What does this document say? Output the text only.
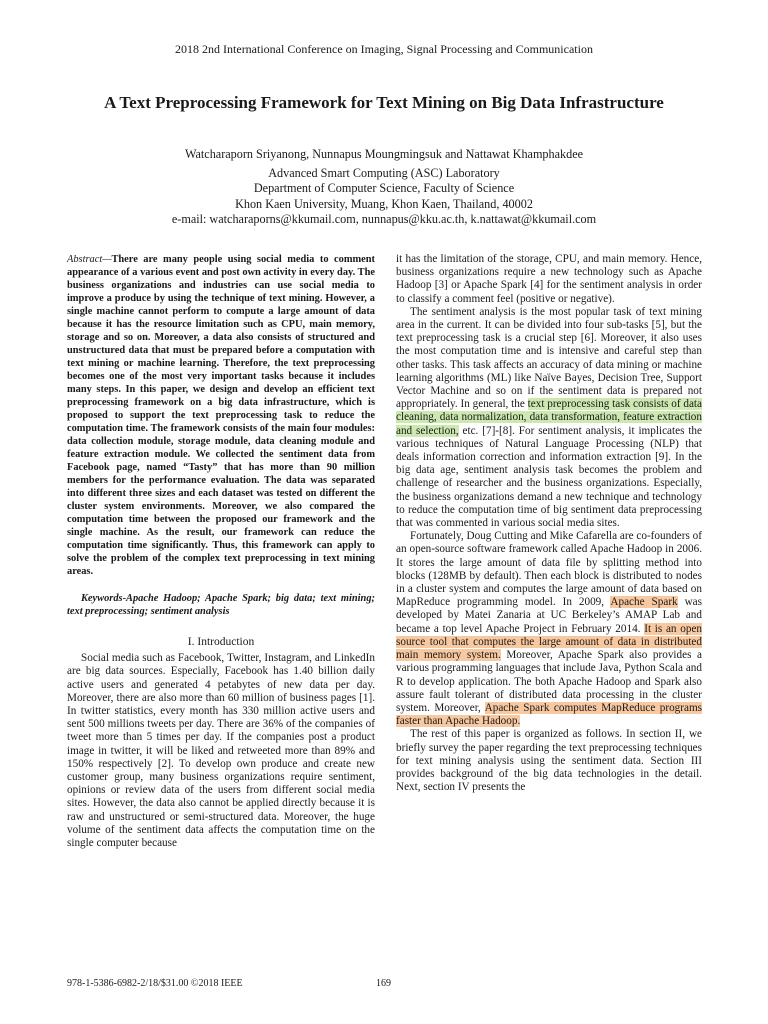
2018 2nd International Conference on Imaging, Signal Processing and Communication
A Text Preprocessing Framework for Text Mining on Big Data Infrastructure
Watcharaporn Sriyanong, Nunnapus Moungmingsuk and Nattawat Khamphakdee
Advanced Smart Computing (ASC) Laboratory
Department of Computer Science, Faculty of Science
Khon Kaen University, Muang, Khon Kaen, Thailand, 40002
e-mail: watcharaporns@kkumail.com, nunnapus@kku.ac.th, k.nattawat@kkumail.com

Abstract—There are many people using social media to comment appearance of a various event and post own activity in every day. The business organizations and industries can use social media to improve a produce by using the technique of text mining. However, a single machine cannot perform to compute a large amount of data because it has the resource limitation such as CPU, main memory, storage and so on. Moreover, a data also consists of structured and unstructured data that must be prepared before a computation with text mining or machine learning. Therefore, the text preprocessing becomes one of the most very important tasks because it includes many steps. In this paper, we design and develop an efficient text preprocessing framework on a big data infrastructure, which is proposed to support the text preprocessing task to reduce the computation time. The framework consists of the main four modules: data collection module, storage module, data cleaning module and feature extraction module. We collected the sentiment data from Facebook page, named “Tasty” that has more than 90 million members for the performance evaluation. The data was separated into different three sizes and each dataset was tested on different the cluster system environments. Moreover, we also compared the computation time between the proposed our framework and the single machine. As the result, our framework can reduce the computation time significantly. Thus, this framework can apply to solve the problem of the complex text preprocessing in text mining areas.

Keywords-Apache Hadoop; Apache Spark; big data; text mining; text preprocessing; sentiment analysis

I. Introduction

Social media such as Facebook, Twitter, Instagram, and LinkedIn are big data sources. Especially, Facebook has 1.40 billion daily active users and generated 4 petabytes of new data per day. Moreover, there are also more than 60 million of business pages [1]. In twitter statistics, every month has 330 million active users and sent 500 millions tweets per day. There are 36% of the companies of tweet more than 5 times per day. If the companies post a product image in twitter, it will be liked and retweeted more than 89% and 150% respectively [2]. To develop own produce and create new customer group, many business organizations require sentiment, opinions or review data of the users from different social media sites. However, the data also cannot be applied directly because it is raw and unstructured or semi-structured data. Moreover, the huge volume of the sentiment data affects the computation time on the single computer because

it has the limitation of the storage, CPU, and main memory. Hence, business organizations require a new technology such as Apache Hadoop [3] or Apache Spark [4] for the sentiment analysis in order to classify a comment feel (positive or negative).

The sentiment analysis is the most popular task of text mining area in the current. It can be divided into four sub-tasks [5], but the text preprocessing task is a crucial step [6]. Moreover, it also uses the most computation time and is intensive and careful step than other tasks. This task affects an accuracy of data mining or machine learning algorithms (ML) like Naïve Bayes, Decision Tree, Support Vector Machine and so on if the sentiment data is prepared not appropriately. In general, the text preprocessing task consists of data cleaning, data normalization, data transformation, feature extraction and selection, etc. [7]-[8]. For sentiment analysis, it implicates the various techniques of Natural Language Processing (NLP) that deals information correction and information extraction [9]. In the big data age, sentiment analysis task becomes the problem and challenge of researcher and the business organizations. Especially, the business organizations demand a new technique and technology to reduce the computation time of big sentiment data preprocessing that was commented in various social media sites.

Fortunately, Doug Cutting and Mike Cafarella are co-founders of an open-source software framework called Apache Hadoop in 2006. It stores the large amount of data file by splitting method into blocks (128MB by default). Then each block is distributed to nodes in a cluster system and computes the large amount of data based on MapReduce programming model. In 2009, Apache Spark was developed by Matei Zanaria at UC Berkeley’s AMAP Lab and became a top level Apache Project in February 2014. It is an open source tool that computes the large amount of data in distributed main memory system. Moreover, Apache Spark also provides a various programming languages that include Java, Python Scala and R to develop application. The both Apache Hadoop and Spark also assure fault tolerant of distributed data processing in the cluster system. Moreover, Apache Spark computes MapReduce programs faster than Apache Hadoop.

The rest of this paper is organized as follows. In section II, we briefly survey the paper regarding the text preprocessing techniques for text mining analysis using the sentiment data. Section III provides background of the big data technologies in the detail. Next, section IV presents the

978-1-5386-6982-2/18/$31.00 ©2018 IEEE	169
